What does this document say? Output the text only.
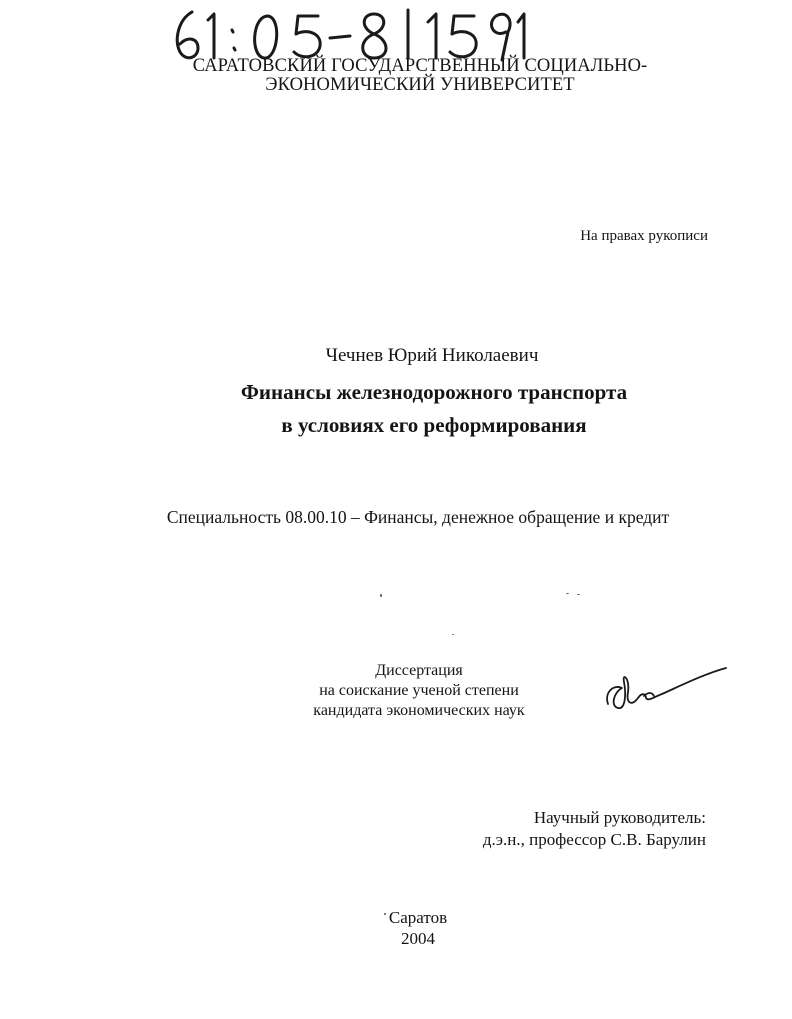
САРАТОВСКИЙ ГОСУДАРСТВЕННЫЙ СОЦИАЛЬНО-
ЭКОНОМИЧЕСКИЙ УНИВЕРСИТЕТ
На правах рукописи
Чечнев Юрий Николаевич
Финансы железнодорожного транспорта
в условиях его реформирования
Специальность 08.00.10 – Финансы, денежное обращение и кредит
Диссертация
на соискание ученой степени
кандидата экономических наук
Научный руководитель:
д.э.н., профессор С.В. Барулин
Саратов
2004
